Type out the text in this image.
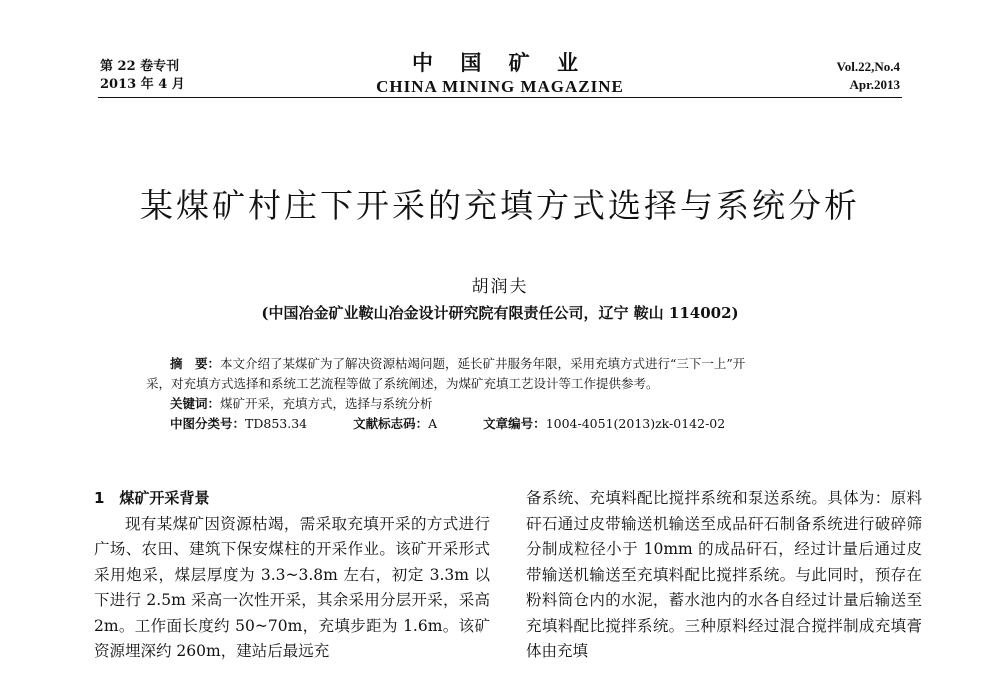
第 22 卷专刊
2013 年 4 月
中 国 矿 业
CHINA MINING MAGAZINE
Vol.22,No.4
Apr.2013
某煤矿村庄下开采的充填方式选择与系统分析
胡润夫
(中国冶金矿业鞍山冶金设计研究院有限责任公司，辽宁 鞍山 114002)

摘　要：本文介绍了某煤矿为了解决资源枯竭问题，延长矿井服务年限，采用充填方式进行“三下一上”开

采，对充填方式选择和系统工艺流程等做了系统阐述，为煤矿充填工艺设计等工作提供参考。

关键词：煤矿开采，充填方式，选择与系统分析

中图分类号：TD853.34	文献标志码：A	文章编号：1004-4051(2013)zk-0142-02

1　煤矿开采背景

现有某煤矿因资源枯竭，需采取充填开采的方式进行广场、农田、建筑下保安煤柱的开采作业。该矿开采形式采用炮采，煤层厚度为 3.3~3.8m 左右，初定 3.3m 以下进行 2.5m 采高一次性开采，其余采用分层开采，采高 2m。工作面长度约 50~70m，充填步距为 1.6m。该矿资源埋深约 260m，建站后最远充

备系统、充填料配比搅拌系统和泵送系统。具体为：原料矸石通过皮带输送机输送至成品矸石制备系统进行破碎筛分制成粒径小于 10mm 的成品矸石，经过计量后通过皮带输送机输送至充填料配比搅拌系统。与此同时，预存在粉料筒仓内的水泥，蓄水池内的水各自经过计量后输送至充填料配比搅拌系统。三种原料经过混合搅拌制成充填膏体由充填
